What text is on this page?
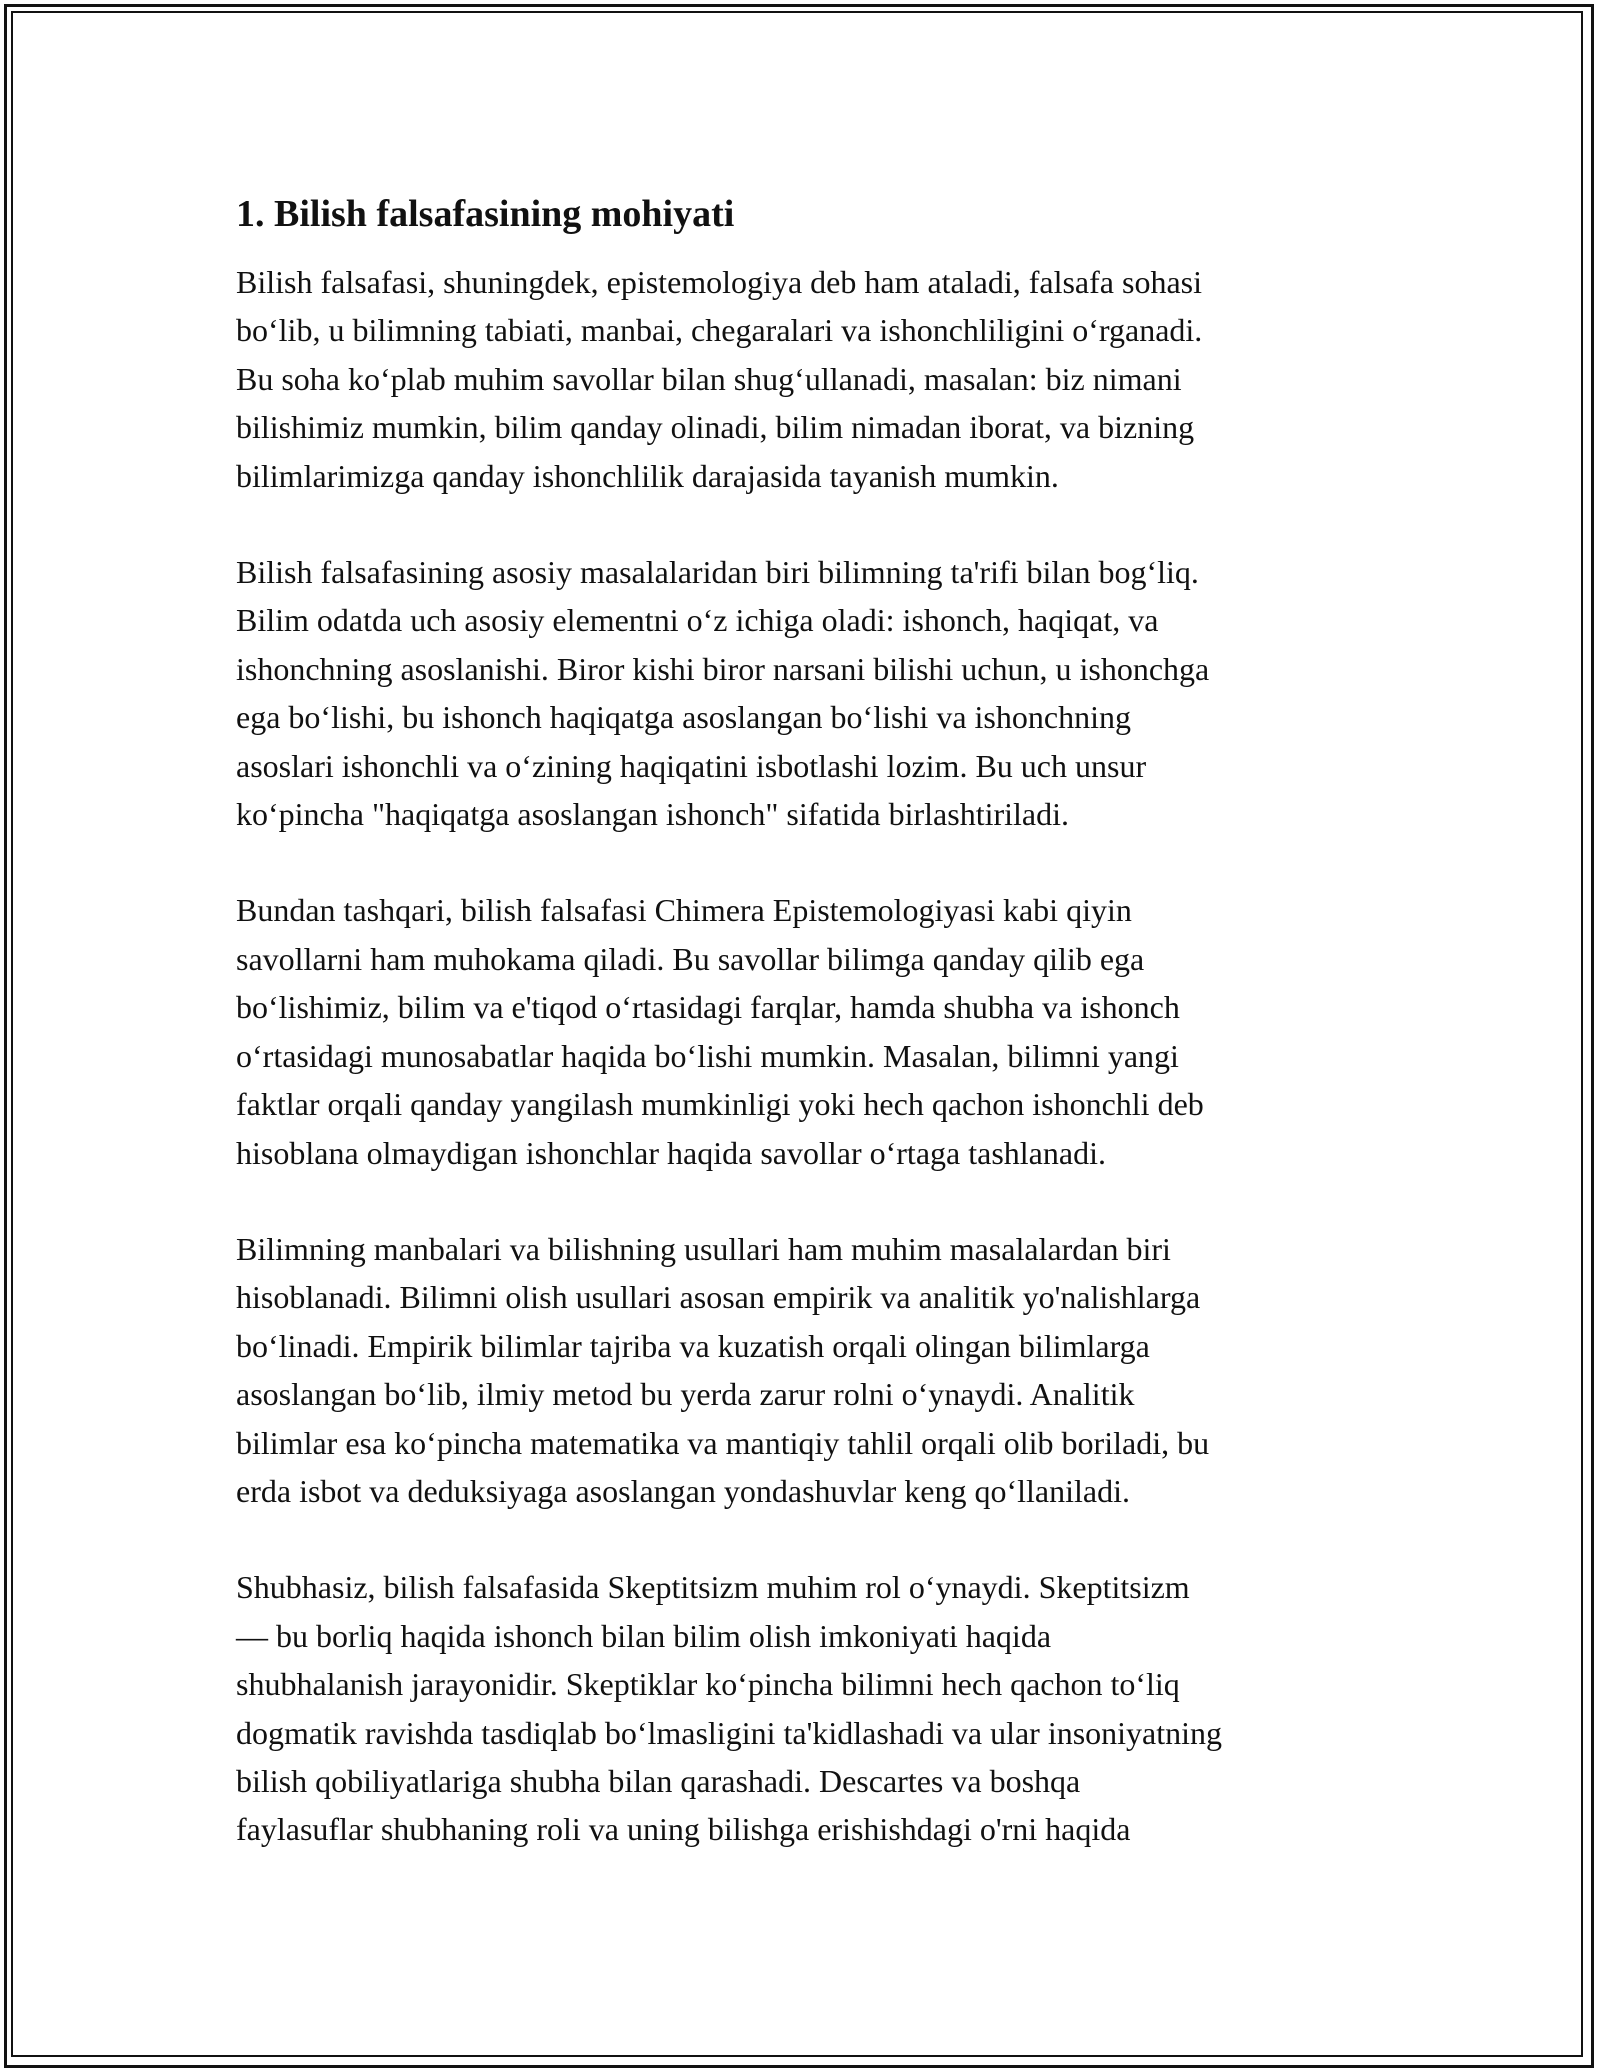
1. Bilish falsafasining mohiyati

Bilish falsafasi, shuningdek, epistemologiya deb ham ataladi, falsafa sohasi
bo‘lib, u bilimning tabiati, manbai, chegaralari va ishonchliligini o‘rganadi.
Bu soha ko‘plab muhim savollar bilan shug‘ullanadi, masalan: biz nimani
bilishimiz mumkin, bilim qanday olinadi, bilim nimadan iborat, va bizning
bilimlarimizga qanday ishonchlilik darajasida tayanish mumkin.

Bilish falsafasining asosiy masalalaridan biri bilimning ta'rifi bilan bog‘liq.
Bilim odatda uch asosiy elementni o‘z ichiga oladi: ishonch, haqiqat, va
ishonchning asoslanishi. Biror kishi biror narsani bilishi uchun, u ishonchga
ega bo‘lishi, bu ishonch haqiqatga asoslangan bo‘lishi va ishonchning
asoslari ishonchli va o‘zining haqiqatini isbotlashi lozim. Bu uch unsur
ko‘pincha "haqiqatga asoslangan ishonch" sifatida birlashtiriladi.

Bundan tashqari, bilish falsafasi Chimera Epistemologiyasi kabi qiyin
savollarni ham muhokama qiladi. Bu savollar bilimga qanday qilib ega
bo‘lishimiz, bilim va e'tiqod o‘rtasidagi farqlar, hamda shubha va ishonch
o‘rtasidagi munosabatlar haqida bo‘lishi mumkin. Masalan, bilimni yangi
faktlar orqali qanday yangilash mumkinligi yoki hech qachon ishonchli deb
hisoblana olmaydigan ishonchlar haqida savollar o‘rtaga tashlanadi.

Bilimning manbalari va bilishning usullari ham muhim masalalardan biri
hisoblanadi. Bilimni olish usullari asosan empirik va analitik yo'nalishlarga
bo‘linadi. Empirik bilimlar tajriba va kuzatish orqali olingan bilimlarga
asoslangan bo‘lib, ilmiy metod bu yerda zarur rolni o‘ynaydi. Analitik
bilimlar esa ko‘pincha matematika va mantiqiy tahlil orqali olib boriladi, bu
erda isbot va deduksiyaga asoslangan yondashuvlar keng qo‘llaniladi.

Shubhasiz, bilish falsafasida Skeptitsizm muhim rol o‘ynaydi. Skeptitsizm
— bu borliq haqida ishonch bilan bilim olish imkoniyati haqida
shubhalanish jarayonidir. Skeptiklar ko‘pincha bilimni hech qachon to‘liq
dogmatik ravishda tasdiqlab bo‘lmasligini ta'kidlashadi va ular insoniyatning
bilish qobiliyatlariga shubha bilan qarashadi. Descartes va boshqa
faylasuflar shubhaning roli va uning bilishga erishishdagi o'rni haqida
